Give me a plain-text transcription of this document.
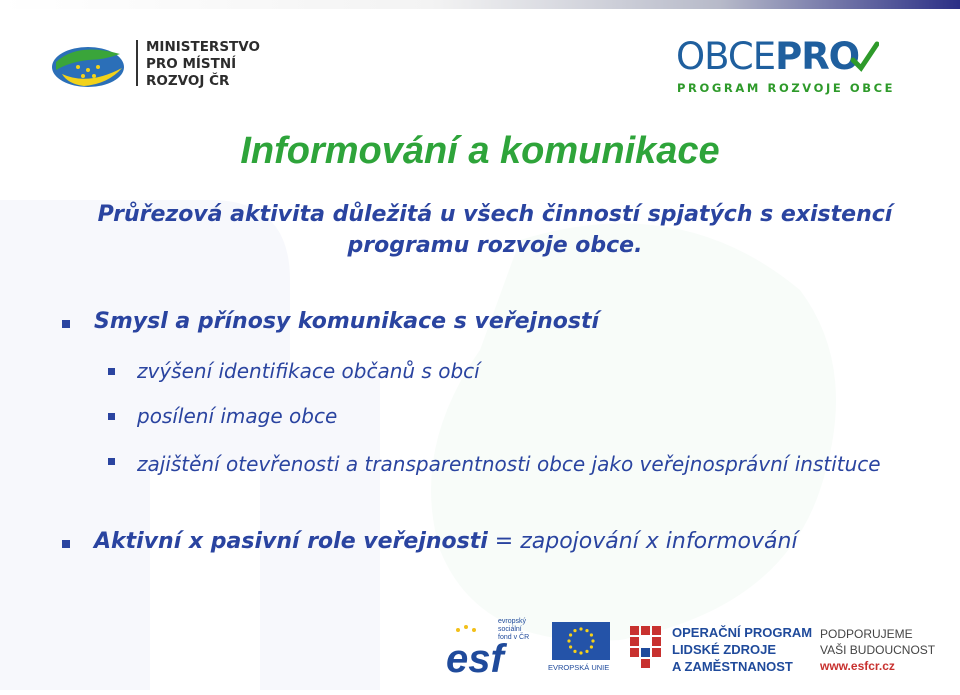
MINISTERSTVO
PRO MÍSTNÍ
ROZVOJ ČR
OBCEPRO
PROGRAM ROZVOJE OBCE
Informování a komunikace
Průřezová aktivita důležitá u všech činností spjatých s existencí programu rozvoje obce.
Smysl a přínosy komunikace s veřejností
zvýšení identifikace občanů s obcí
posílení image obce
zajištění otevřenosti a transparentnosti obce jako veřejnosprávní instituce
Aktivní x pasivní role veřejnosti = zapojování x informování
esf
evropský
sociální
fond v ČR
EVROPSKÁ UNIE
OPERAČNÍ PROGRAM
LIDSKÉ ZDROJE
A ZAMĚSTNANOST
PODPORUJEME
VAŠI BUDOUCNOST
www.esfcr.cz
